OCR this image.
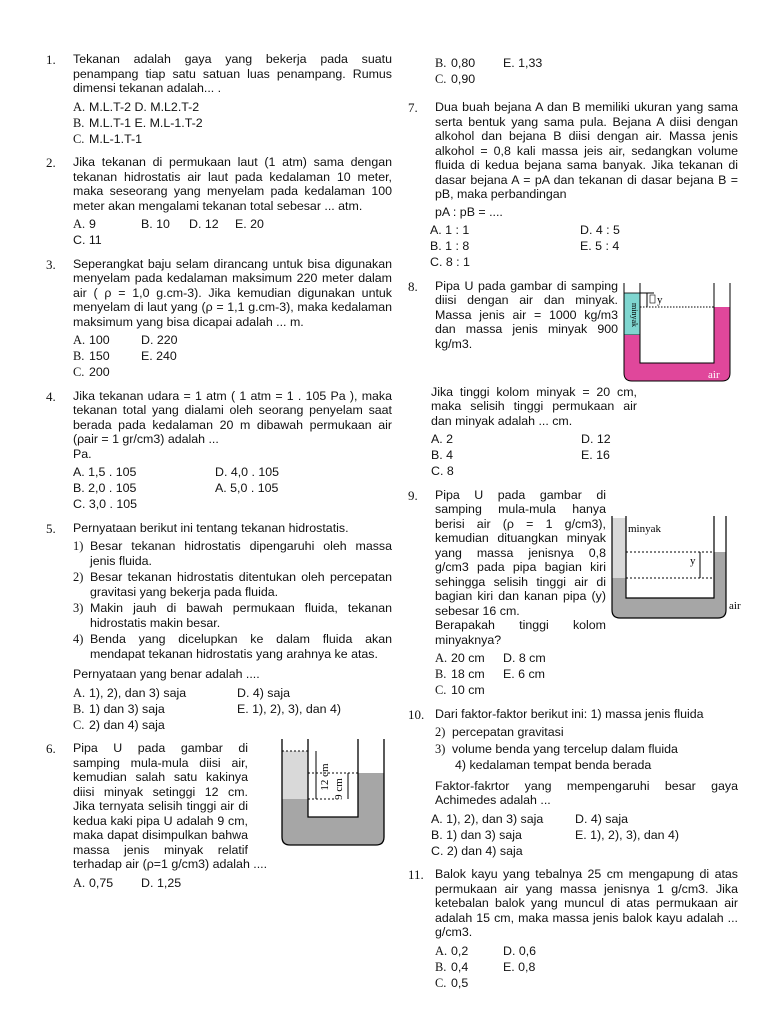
1. Tekanan adalah gaya yang bekerja pada suatu penampang tiap satu satuan luas penampang. Rumus dimensi tekanan adalah... .
A. M.L.T-2 D. M.L2.T-2
B. M.L.T-1 E. M.L-1.T-2
C. M.L-1.T-1
2. Jika tekanan di permukaan laut (1 atm) sama dengan tekanan hidrostatis air laut pada kedalaman 10 meter, maka seseorang yang menyelam pada kedalaman 100 meter akan mengalami tekanan total sebesar ... atm.
A. 9	B. 10	D. 12	E. 20
C. 11
3. Seperangkat baju selam dirancang untuk bisa digunakan menyelam pada kedalaman maksimum 220 meter dalam air ( ρ = 1,0 g.cm-3). Jika kemudian digunakan untuk menyelam di laut yang (ρ = 1,1 g.cm-3), maka kedalaman maksimum yang bisa dicapai adalah ... m.
A. 100	D. 220
B. 150	E. 240
C. 200
4. Jika tekanan udara = 1 atm ( 1 atm = 1 . 105 Pa ), maka tekanan total yang dialami oleh seorang penyelam saat berada pada kedalaman 20 m dibawah permukaan air (ρair = 1 gr/cm3) adalah ...
Pa.
A. 1,5 . 105	D. 4,0 . 105
B. 2,0 . 105	A. 5,0 . 105
C. 3,0 . 105
5. Pernyataan berikut ini tentang tekanan hidrostatis.
1) Besar tekanan hidrostatis dipengaruhi oleh massa jenis fluida.
2) Besar tekanan hidrostatis ditentukan oleh percepatan gravitasi yang bekerja pada fluida.
3) Makin jauh di bawah permukaan fluida, tekanan hidrostatis makin besar.
4) Benda yang dicelupkan ke dalam fluida akan mendapat tekanan hidrostatis yang arahnya ke atas.
Pernyataan yang benar adalah ....
A. 1), 2), dan 3) saja	D. 4) saja
B. 1) dan 3) saja	E. 1), 2), 3), dan 4)
C. 2) dan 4) saja
6.
12 cm 9 cm
Pipa U pada gambar di samping mula-mula diisi air, kemudian salah satu kakinya diisi minyak setinggi 12 cm. Jika ternyata selisih tinggi air di kedua kaki pipa U adalah 9 cm, maka dapat disimpulkan bahwa massa jenis minyak relatif terhadap air (ρ=1 g/cm3) adalah ....
A. 0,75	D. 1,25
B. 0,80	E. 1,33
C. 0,90
7. Dua buah bejana A dan B memiliki ukuran yang sama serta bentuk yang sama pula. Bejana A diisi dengan alkohol dan bejana B diisi dengan air. Massa jenis alkohol = 0,8 kali massa jeis air, sedangkan volume fluida di kedua bejana sama banyak. Jika tekanan di dasar bejana A = pA dan tekanan di dasar bejana B = pB, maka perbandingan
pA : pB = ....
A. 1 : 1	D. 4 : 5
B. 1 : 8	E. 5 : 4
C. 8 : 1
8.
y
air
minyak
Pipa U pada gambar di samping diisi dengan air dan minyak. Massa jenis air = 1000 kg/m3 dan massa jenis minyak 900 kg/m3.
Jika tinggi kolom minyak = 20 cm, maka selisih tinggi permukaan air dan minyak adalah ... cm.
A. 2	D. 12
B. 4	E. 16
C. 8
9.
minyak
y
air
Pipa U pada gambar di samping mula-mula hanya berisi air (ρ = 1 g/cm3), kemudian dituangkan minyak yang massa jenisnya 0,8 g/cm3 pada pipa bagian kiri sehingga selisih tinggi air di bagian kiri dan kanan pipa (y) sebesar 16 cm.
Berapakah tinggi kolom minyaknya?
A. 20 cm	D. 8 cm
B. 18 cm	E. 6 cm
C. 10 cm
10. Dari faktor-faktor berikut ini: 1) massa jenis fluida
2) percepatan gravitasi
3) volume benda yang tercelup dalam fluida
4) kedalaman tempat benda berada
Faktor-fakrtor yang mempengaruhi besar gaya Achimedes adalah ...
A. 1), 2), dan 3) saja	D. 4) saja
B. 1) dan 3) saja	E. 1), 2), 3), dan 4)
C. 2) dan 4) saja
11. Balok kayu yang tebalnya 25 cm mengapung di atas permukaan air yang massa jenisnya 1 g/cm3. Jika ketebalan balok yang muncul di atas permukaan air adalah 15 cm, maka massa jenis balok kayu adalah ... g/cm3.
A. 0,2	D. 0,6
B. 0,4	E. 0,8
C. 0,5
